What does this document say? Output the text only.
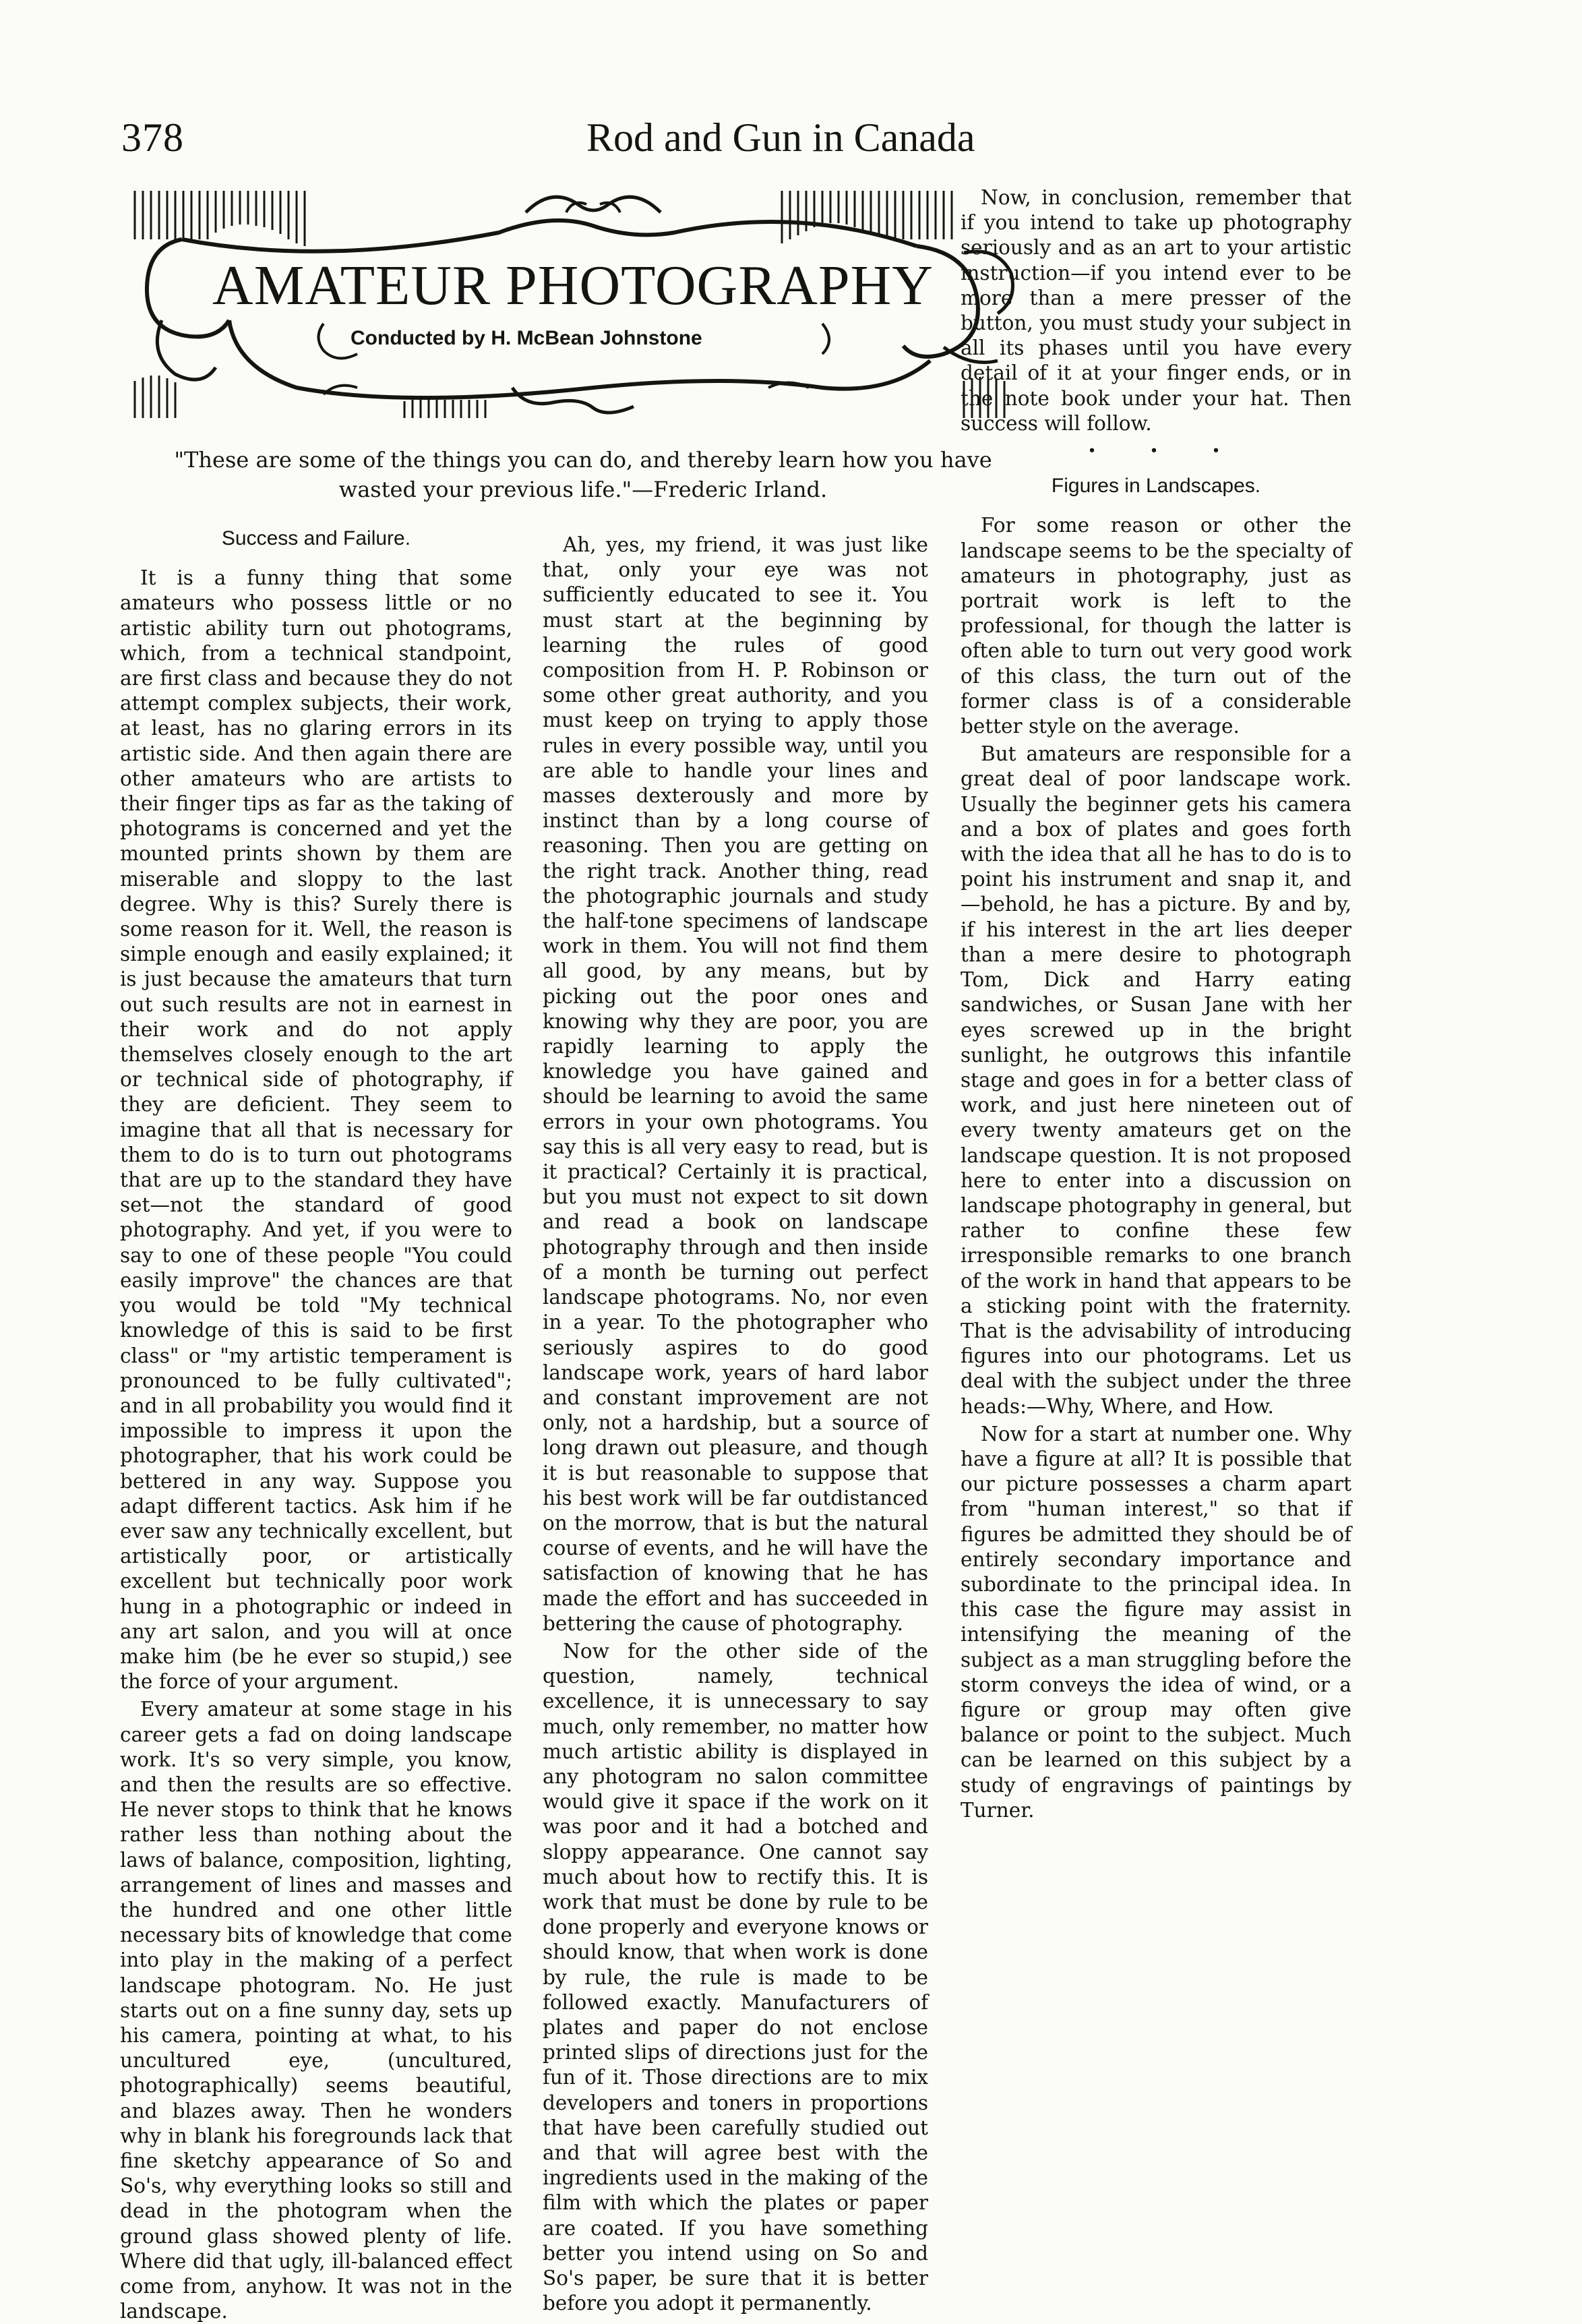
378	Rod and Gun in Canada
AMATEUR PHOTOGRAPHY
Conducted by H. McBean Johnstone
"These are some of the things you can do, and thereby learn how you have wasted your previous life."—Frederic Irland.
Success and Failure.

It is a funny thing that some amateurs who possess little or no artistic ability turn out photograms, which, from a technical standpoint, are first class and because they do not attempt complex subjects, their work, at least, has no glaring errors in its artistic side. And then again there are other amateurs who are artists to their finger tips as far as the taking of photograms is concerned and yet the mounted prints shown by them are miserable and sloppy to the last degree. Why is this? Surely there is some reason for it. Well, the reason is simple enough and easily explained; it is just because the amateurs that turn out such results are not in earnest in their work and do not apply themselves closely enough to the art or technical side of photography, if they are deficient. They seem to imagine that all that is necessary for them to do is to turn out photograms that are up to the standard they have set—not the standard of good photography. And yet, if you were to say to one of these people "You could easily improve" the chances are that you would be told "My technical knowledge of this is said to be first class" or "my artistic temperament is pronounced to be fully cultivated"; and in all probability you would find it impossible to impress it upon the photographer, that his work could be bettered in any way. Suppose you adapt different tactics. Ask him if he ever saw any technically excellent, but artistically poor, or artistically excellent but technically poor work hung in a photographic or indeed in any art salon, and you will at once make him (be he ever so stupid,) see the force of your argument.

Every amateur at some stage in his career gets a fad on doing landscape work. It's so very simple, you know, and then the results are so effective. He never stops to think that he knows rather less than nothing about the laws of balance, composition, lighting, arrangement of lines and masses and the hundred and one other little necessary bits of knowledge that come into play in the making of a perfect landscape photogram. No. He just starts out on a fine sunny day, sets up his camera, pointing at what, to his uncultured eye, (uncultured, photographically) seems beautiful, and blazes away. Then he wonders why in blank his foregrounds lack that fine sketchy appearance of So and So's, why everything looks so still and dead in the photogram when the ground glass showed plenty of life. Where did that ugly, ill-balanced effect come from, anyhow. It was not in the landscape.

Ah, yes, my friend, it was just like that, only your eye was not sufficiently educated to see it. You must start at the beginning by learning the rules of good composition from H. P. Robinson or some other great authority, and you must keep on trying to apply those rules in every possible way, until you are able to handle your lines and masses dexterously and more by instinct than by a long course of reasoning. Then you are getting on the right track. Another thing, read the photographic journals and study the half-tone specimens of landscape work in them. You will not find them all good, by any means, but by picking out the poor ones and knowing why they are poor, you are rapidly learning to apply the knowledge you have gained and should be learning to avoid the same errors in your own photograms. You say this is all very easy to read, but is it practical? Certainly it is practical, but you must not expect to sit down and read a book on landscape photography through and then inside of a month be turning out perfect landscape photograms. No, nor even in a year. To the photographer who seriously aspires to do good landscape work, years of hard labor and constant improvement are not only, not a hardship, but a source of long drawn out pleasure, and though it is but reasonable to suppose that his best work will be far outdistanced on the morrow, that is but the natural course of events, and he will have the satisfaction of knowing that he has made the effort and has succeeded in bettering the cause of photography.

Now for the other side of the question, namely, technical excellence, it is unnecessary to say much, only remember, no matter how much artistic ability is displayed in any photogram no salon committee would give it space if the work on it was poor and it had a botched and sloppy appearance. One cannot say much about how to rectify this. It is work that must be done by rule to be done properly and everyone knows or should know, that when work is done by rule, the rule is made to be followed exactly. Manufacturers of plates and paper do not enclose printed slips of directions just for the fun of it. Those directions are to mix developers and toners in proportions that have been carefully studied out and that will agree best with the ingredients used in the making of the film with which the plates or paper are coated. If you have something better you intend using on So and So's paper, be sure that it is better before you adopt it permanently.

Now, in conclusion, remember that if you intend to take up photography seriously and as an art to your artistic instruction—if you intend ever to be more than a mere presser of the button, you must study your subject in all its phases until you have every detail of it at your finger ends, or in the note book under your hat. Then success will follow.

• • •
Figures in Landscapes.

For some reason or other the landscape seems to be the specialty of amateurs in photography, just as portrait work is left to the professional, for though the latter is often able to turn out very good work of this class, the turn out of the former class is of a considerable better style on the average.

But amateurs are responsible for a great deal of poor landscape work. Usually the beginner gets his camera and a box of plates and goes forth with the idea that all he has to do is to point his instrument and snap it, and—behold, he has a picture. By and by, if his interest in the art lies deeper than a mere desire to photograph Tom, Dick and Harry eating sandwiches, or Susan Jane with her eyes screwed up in the bright sunlight, he outgrows this infantile stage and goes in for a better class of work, and just here nineteen out of every twenty amateurs get on the landscape question. It is not proposed here to enter into a discussion on landscape photography in general, but rather to confine these few irresponsible remarks to one branch of the work in hand that appears to be a sticking point with the fraternity. That is the advisability of introducing figures into our photograms. Let us deal with the subject under the three heads:—Why, Where, and How.

Now for a start at number one. Why have a figure at all? It is possible that our picture possesses a charm apart from "human interest," so that if figures be admitted they should be of entirely secondary importance and subordinate to the principal idea. In this case the figure may assist in intensifying the meaning of the subject as a man struggling before the storm conveys the idea of wind, or a figure or group may often give balance or point to the subject. Much can be learned on this subject by a study of engravings of paintings by Turner.
